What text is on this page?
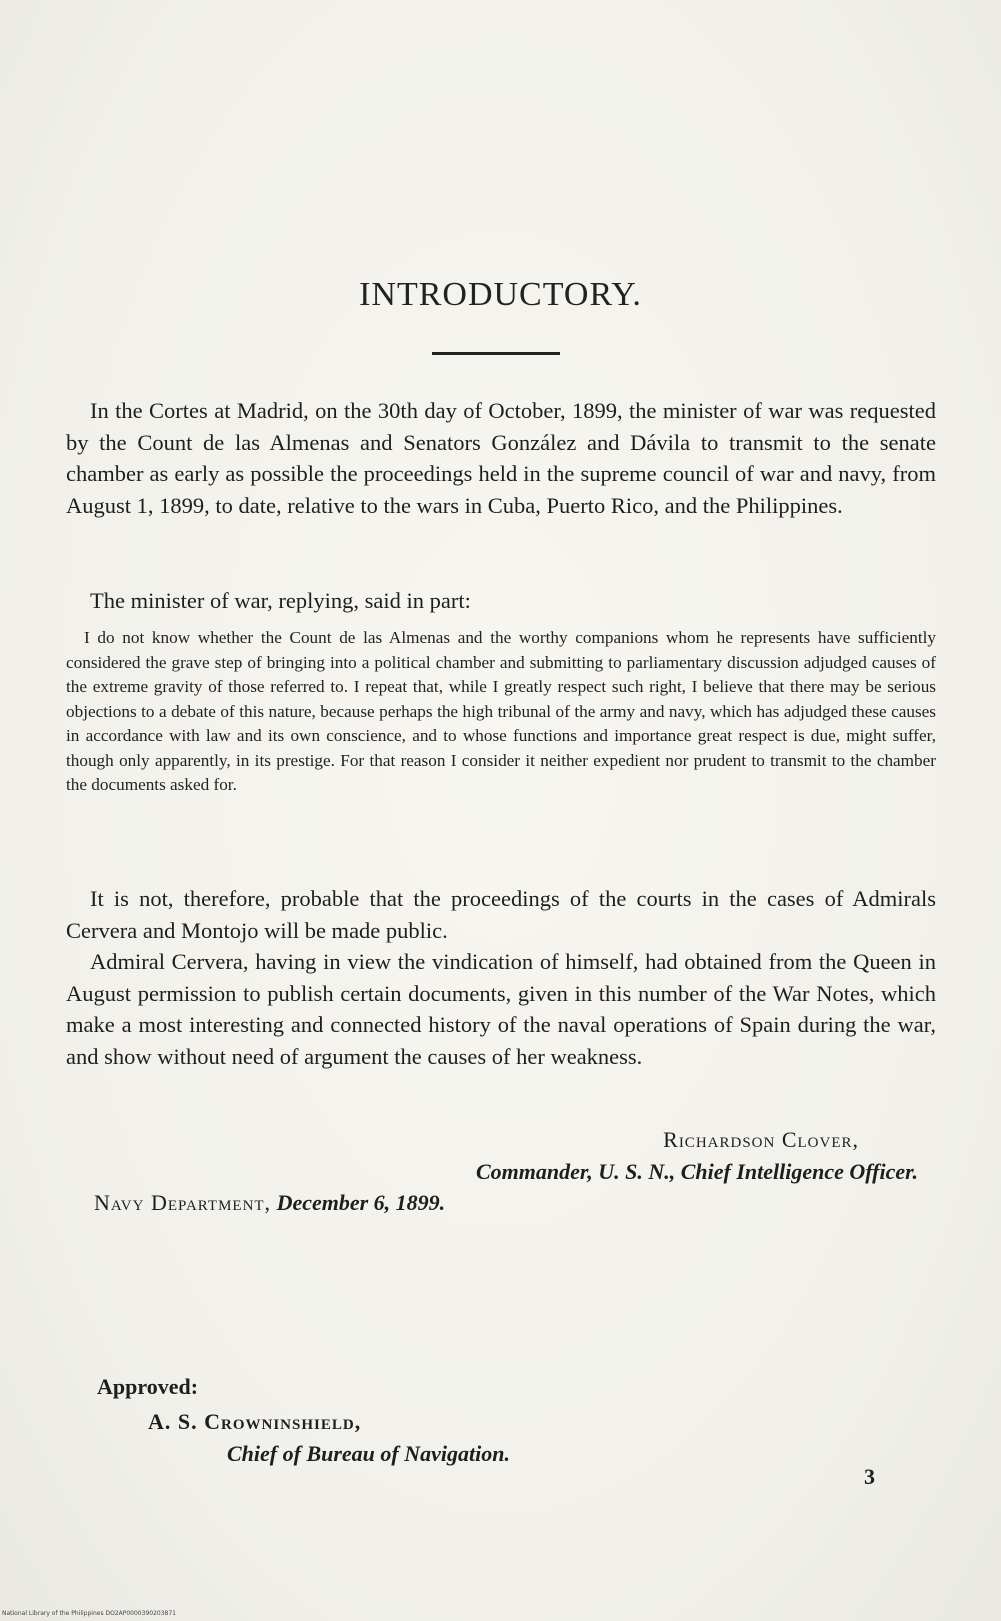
INTRODUCTORY.
In the Cortes at Madrid, on the 30th day of October, 1899, the minister of war was requested by the Count de las Almenas and Senators González and Dávila to transmit to the senate chamber as early as possible the proceedings held in the supreme council of war and navy, from August 1, 1899, to date, relative to the wars in Cuba, Puerto Rico, and the Philippines.
The minister of war, replying, said in part:
I do not know whether the Count de las Almenas and the worthy companions whom he represents have sufficiently considered the grave step of bringing into a political chamber and submitting to parliamentary discussion adjudged causes of the extreme gravity of those referred to. I repeat that, while I greatly respect such right, I believe that there may be serious objections to a debate of this nature, because perhaps the high tribunal of the army and navy, which has adjudged these causes in accordance with law and its own conscience, and to whose functions and importance great respect is due, might suffer, though only apparently, in its prestige. For that reason I consider it neither expedient nor prudent to transmit to the chamber the documents asked for.
It is not, therefore, probable that the proceedings of the courts in the cases of Admirals Cervera and Montojo will be made public.
Admiral Cervera, having in view the vindication of himself, had obtained from the Queen in August permission to publish certain documents, given in this number of the War Notes, which make a most interesting and connected history of the naval operations of Spain during the war, and show without need of argument the causes of her weakness.
Richardson Clover,
Commander, U. S. N., Chief Intelligence Officer.
Navy Department, December 6, 1899.
Approved:
A. S. Crowninshield,
Chief of Bureau of Navigation.
3
National Library of the Philippines DO2AP0000390203871
